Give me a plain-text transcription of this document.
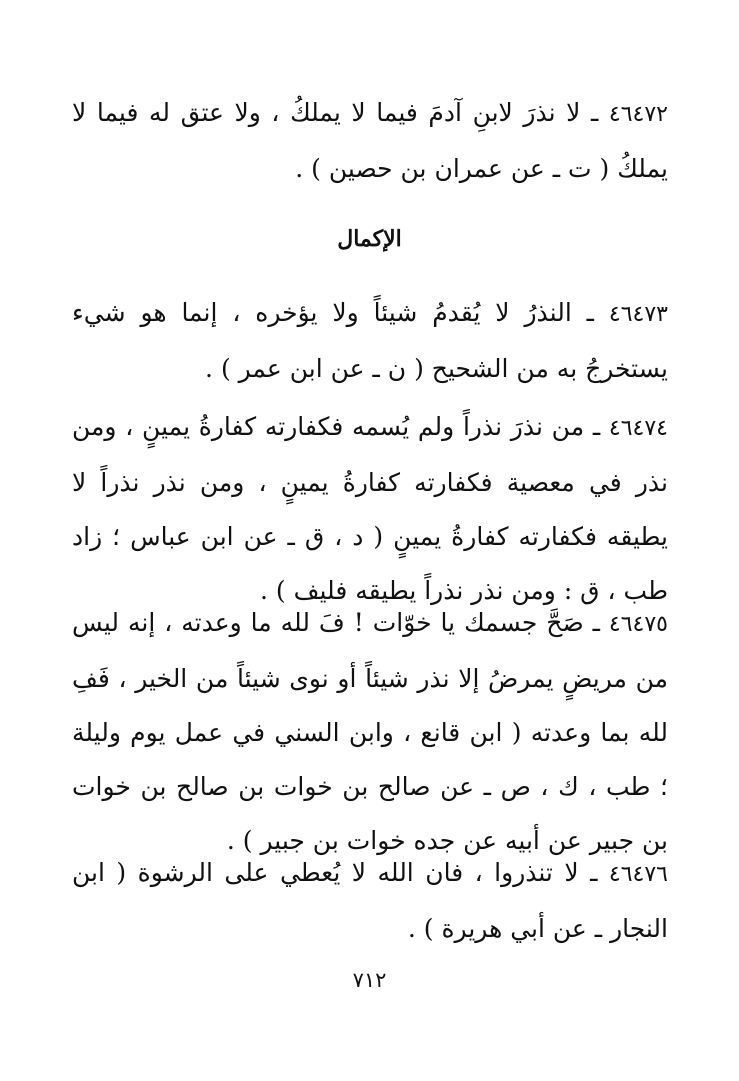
٤٦٤٧٢ ـ لا نذرَ لابنِ آدمَ فيما لا يملكُ ، ولا عتق له فيما لا يملكُ ( ت ـ عن عمران بن حصين ) .
الإكمال
٤٦٤٧٣ ـ النذرُ لا يُقدمُ شيئاً ولا يؤخره ، إنما هو شيء يستخرجُ به من الشحيح ( ن ـ عن ابن عمر ) .
٤٦٤٧٤ ـ من نذرَ نذراً ولم يُسمه فكفارته كفارةُ يمينٍ ، ومن نذر في معصية فكفارته كفارةُ يمينٍ ، ومن نذر نذراً لا يطيقه فكفارته كفارةُ يمينٍ ( د ، ق ـ عن ابن عباس ؛ زاد طب ، ق : ومن نذر نذراً يطيقه فليف ) .
٤٦٤٧٥ ـ صَحَّ جسمك يا خوّات ! فَ لله ما وعدته ، إنه ليس من مريضٍ يمرضُ إلا نذر شيئاً أو نوى شيئاً من الخير ، فَفِ لله بما وعدته ( ابن قانع ، وابن السني في عمل يوم وليلة ؛ طب ، ك ، ص ـ عن صالح بن خوات بن صالح بن خوات بن جبير عن أبيه عن جده خوات بن جبير ) .
٤٦٤٧٦ ـ لا تنذروا ، فان الله لا يُعطي على الرشوة ( ابن النجار ـ عن أبي هريرة ) .
٧١٢
